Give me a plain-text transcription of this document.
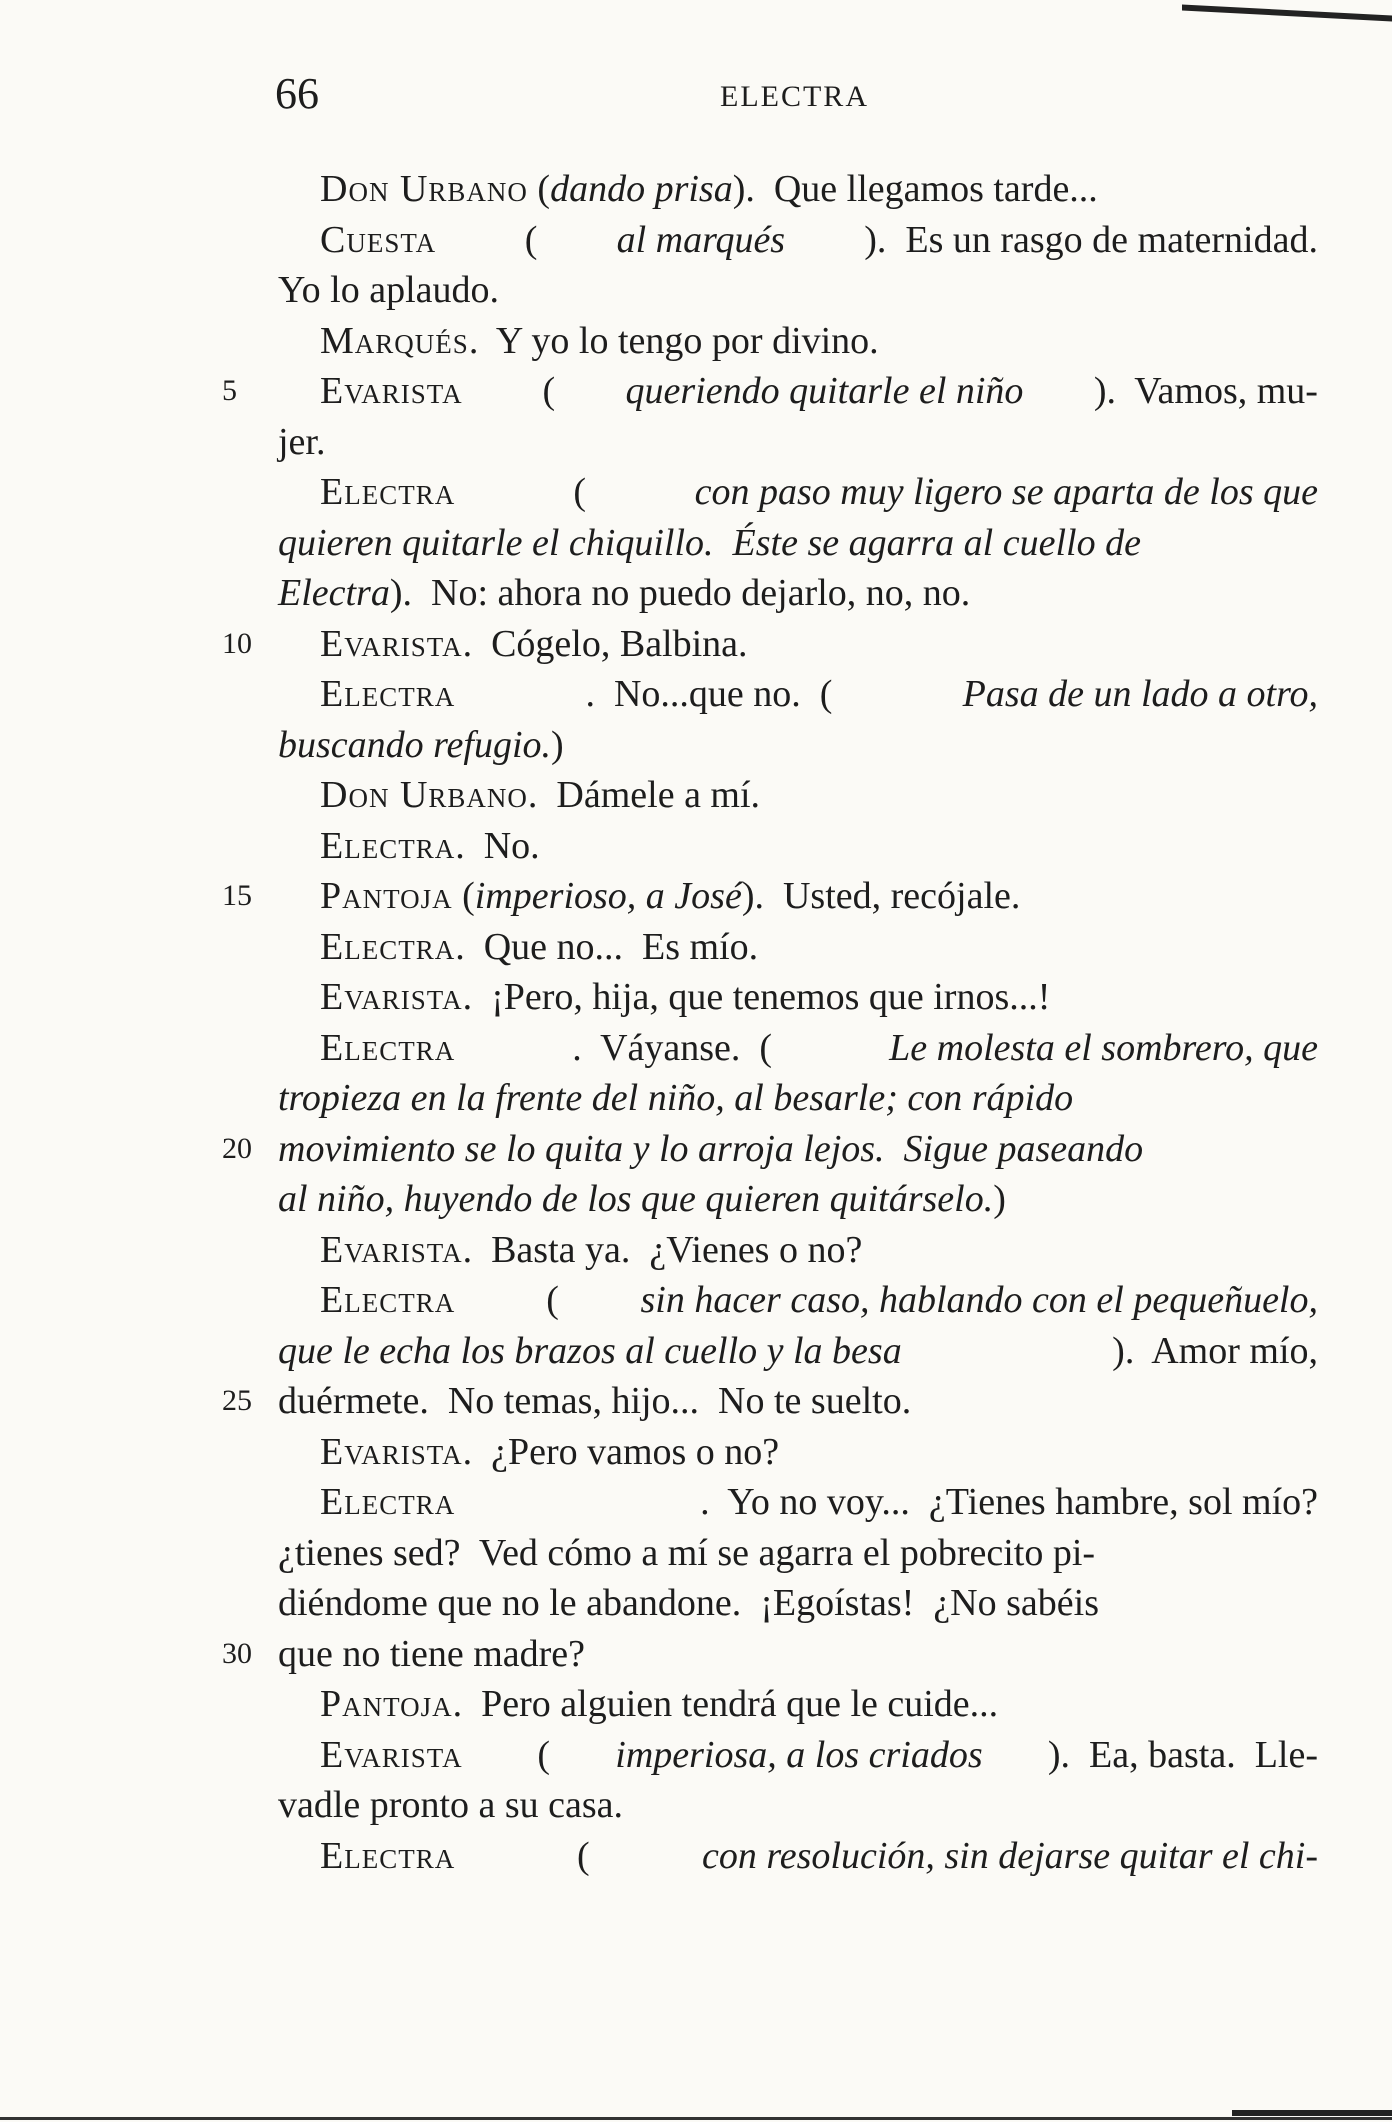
66	ELECTRA
Don Urbano ( dando prisa ).  Que llegamos tarde...
Cuesta ( al marqués ).  Es un rasgo de maternidad.
Yo lo aplaudo.
Marqués .  Y yo lo tengo por divino.
5 Evarista ( queriendo quitarle el niño ).  Vamos, mu-
jer.
Electra	(	con paso muy ligero se aparta de los que
quieren quitarle el chiquillo.  Éste se agarra al cuello de
Electra ).  No: ahora no puedo dejarlo, no, no.
10 Evarista .  Cógelo, Balbina.
Electra	.  No...que no.  (	Pasa de un lado a otro,
buscando refugio. )
Don Urbano .  Dámele a mí.
Electra .  No.
15 Pantoja ( imperioso, a José ).  Usted, recójale.
Electra .  Que no...  Es mío.
Evarista .  ¡Pero, hija, que tenemos que irnos...!
Electra	.  Váyanse.  (	Le molesta el sombrero, que
tropieza en la frente del niño, al besarle; con rápido
20 movimiento se lo quita y lo arroja lejos.  Sigue paseando
al niño, huyendo de los que quieren quitárselo. )
Evarista .  Basta ya.  ¿Vienes o no?
Electra ( sin hacer caso, hablando con el pequeñuelo,
que le echa los brazos al cuello y la besa	).  Amor mío,
25 duérmete.  No temas, hijo...  No te suelto.
Evarista .  ¿Pero vamos o no?
Electra	.  Yo no voy...  ¿Tienes hambre, sol mío?
¿tienes sed?  Ved cómo a mí se agarra el pobrecito pi-
diéndome que no le abandone.  ¡Egoístas!  ¿No sabéis
30 que no tiene madre?
Pantoja .  Pero alguien tendrá que le cuide...
Evarista ( imperiosa, a los criados ).  Ea, basta.  Lle-
vadle pronto a su casa.
Electra	(	con resolución, sin dejarse quitar el chi-
